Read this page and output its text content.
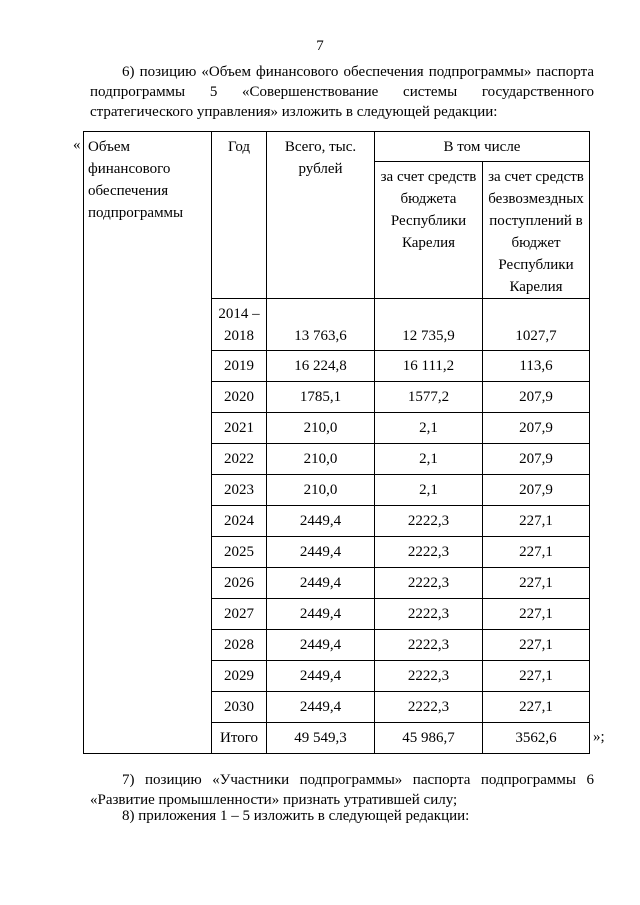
7
6) позицию «Объем финансового обеспечения подпрограммы» паспорта
подпрограммы 5 «Совершенствование системы государственного
стратегического управления» изложить в следующей редакции:
« Объем финансового обеспечения подпрограммы	Год	Всего, тыс. рублей	В том числе	
			за счет средств бюджета Республики Карелия	за счет средств безвозмездных поступлений в бюджет Республики Карелия
	2014 – 2018	13 763,6	12 735,9	1027,7
	2019	16 224,8	16 111,2	113,6
	2020	1785,1	1577,2	207,9
	2021	210,0	2,1	207,9
	2022	210,0	2,1	207,9
	2023	210,0	2,1	207,9
	2024	2449,4	2222,3	227,1
	2025	2449,4	2222,3	227,1
	2026	2449,4	2222,3	227,1
	2027	2449,4	2222,3	227,1
	2028	2449,4	2222,3	227,1
	2029	2449,4	2222,3	227,1
	2030	2449,4	2222,3	227,1
	Итого	49 549,3	45 986,7	3562,6 »;
7) позицию «Участники подпрограммы» паспорта подпрограммы 6
«Развитие промышленности» признать утратившей силу;
8) приложения 1 – 5 изложить в следующей редакции:
